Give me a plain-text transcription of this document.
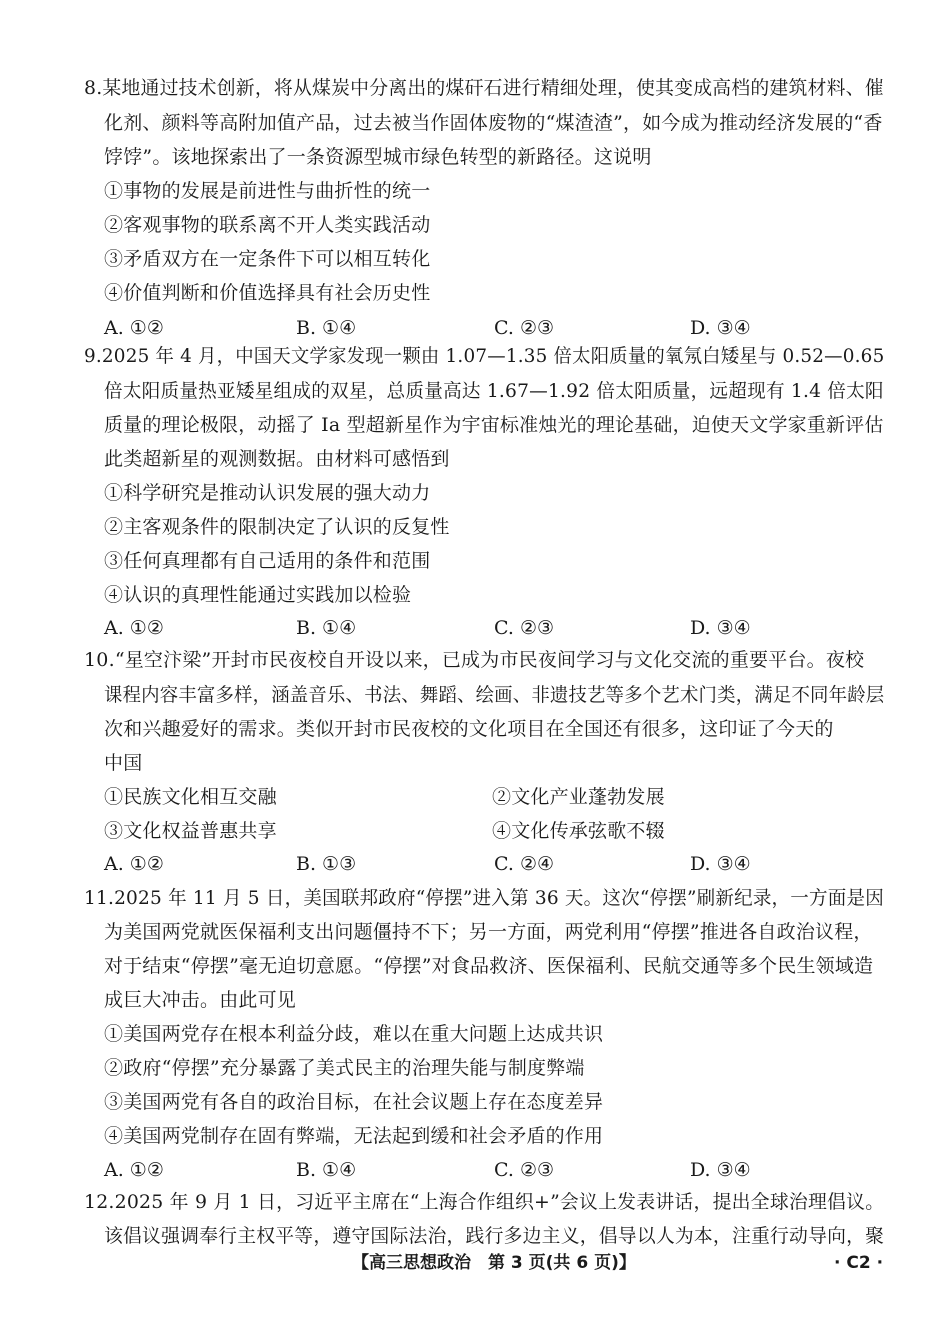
8.某地通过技术创新，将从煤炭中分离出的煤矸石进行精细处理，使其变成高档的建筑材料、催
化剂、颜料等高附加值产品，过去被当作固体废物的“煤渣渣”，如今成为推动经济发展的“香
饽饽”。该地探索出了一条资源型城市绿色转型的新路径。这说明
①事物的发展是前进性与曲折性的统一
②客观事物的联系离不开人类实践活动
③矛盾双方在一定条件下可以相互转化
④价值判断和价值选择具有社会历史性
A. ①②	B. ①④	C. ②③	D. ③④
9.2025 年 4 月，中国天文学家发现一颗由 1.07—1.35 倍太阳质量的氧氖白矮星与 0.52—0.65
倍太阳质量热亚矮星组成的双星，总质量高达 1.67—1.92 倍太阳质量，远超现有 1.4 倍太阳
质量的理论极限，动摇了 Ia 型超新星作为宇宙标准烛光的理论基础，迫使天文学家重新评估
此类超新星的观测数据。由材料可感悟到
①科学研究是推动认识发展的强大动力
②主客观条件的限制决定了认识的反复性
③任何真理都有自己适用的条件和范围
④认识的真理性能通过实践加以检验
A. ①②	B. ①④	C. ②③	D. ③④
10.“星空汴梁”开封市民夜校自开设以来，已成为市民夜间学习与文化交流的重要平台。夜校
课程内容丰富多样，涵盖音乐、书法、舞蹈、绘画、非遗技艺等多个艺术门类，满足不同年龄层
次和兴趣爱好的需求。类似开封市民夜校的文化项目在全国还有很多，这印证了今天的
中国
①民族文化相互交融	②文化产业蓬勃发展
③文化权益普惠共享	④文化传承弦歌不辍
A. ①②	B. ①③	C. ②④	D. ③④
11.2025 年 11 月 5 日，美国联邦政府“停摆”进入第 36 天。这次“停摆”刷新纪录，一方面是因
为美国两党就医保福利支出问题僵持不下；另一方面，两党利用“停摆”推进各自政治议程，
对于结束“停摆”毫无迫切意愿。“停摆”对食品救济、医保福利、民航交通等多个民生领域造
成巨大冲击。由此可见
①美国两党存在根本利益分歧，难以在重大问题上达成共识
②政府“停摆”充分暴露了美式民主的治理失能与制度弊端
③美国两党有各自的政治目标，在社会议题上存在态度差异
④美国两党制存在固有弊端，无法起到缓和社会矛盾的作用
A. ①②	B. ①④	C. ②③	D. ③④
12.2025 年 9 月 1 日，习近平主席在“上海合作组织+”会议上发表讲话，提出全球治理倡议。
该倡议强调奉行主权平等，遵守国际法治，践行多边主义，倡导以人为本，注重行动导向，聚
【高三思想政治　第 3 页(共 6 页)】	· C2 ·
